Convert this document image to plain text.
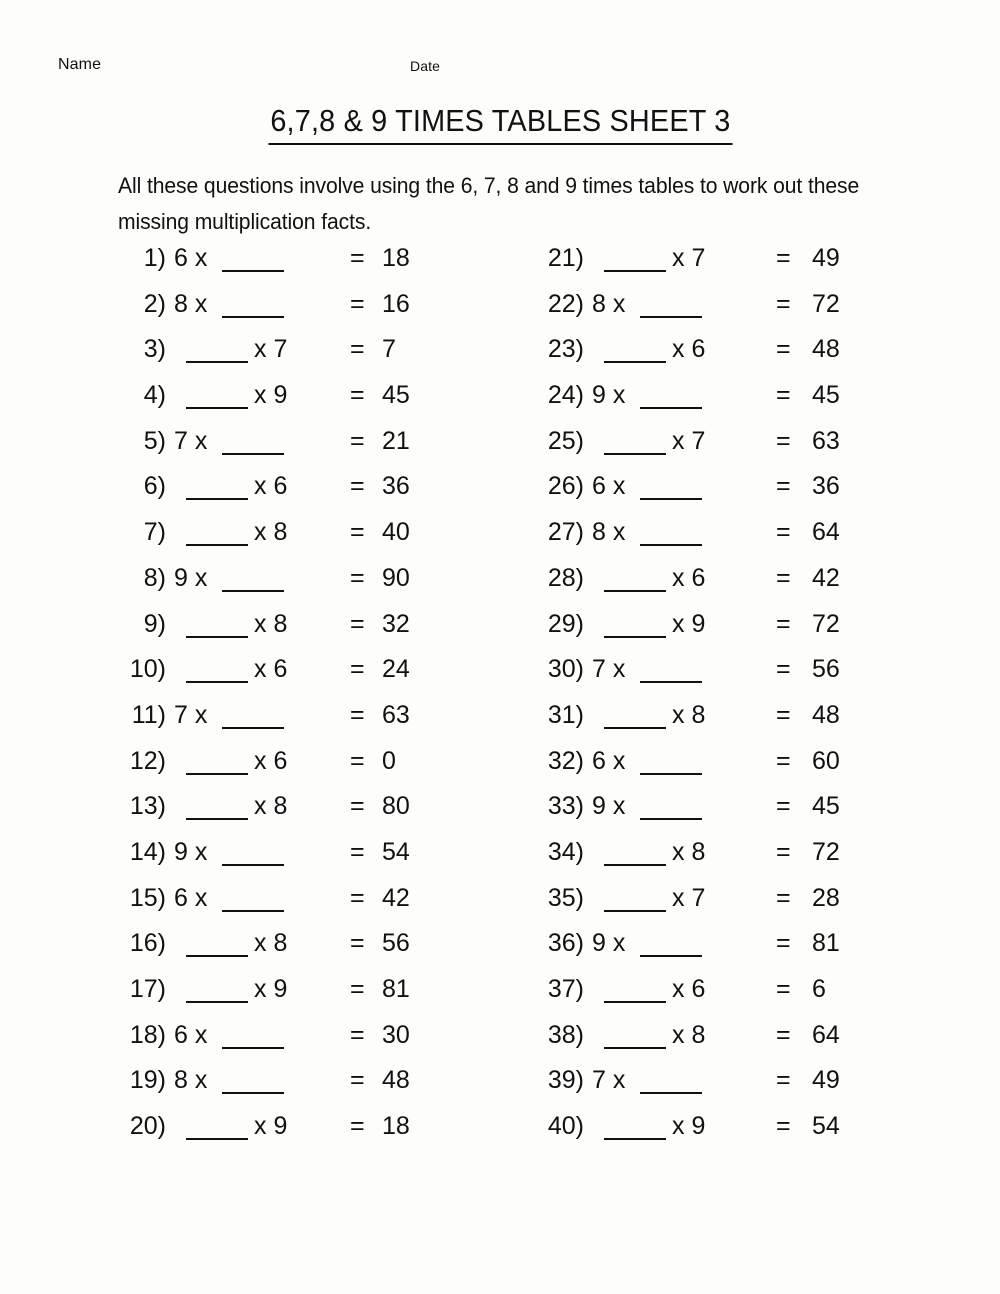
Name	Date
6,7,8 & 9 TIMES TABLES SHEET 3
All these questions involve using the 6, 7, 8 and 9 times tables to work out these missing multiplication facts.
1) 6 x	= 18
2) 8 x	= 16
3)	x 7	= 7
4)	x 9	= 45
5) 7 x	= 21
6)	x 6	= 36
7)	x 8	= 40
8) 9 x	= 90
9)	x 8	= 32
10)	x 6	= 24
11) 7 x	= 63
12)	x 6	= 0
13)	x 8	= 80
14) 9 x	= 54
15) 6 x	= 42
16)	x 8	= 56
17)	x 9	= 81
18) 6 x	= 30
19) 8 x	= 48
20)	x 9	= 18
21)	x 7	= 49
22) 8 x	= 72
23)	x 6	= 48
24) 9 x	= 45
25)	x 7	= 63
26) 6 x	= 36
27) 8 x	= 64
28)	x 6	= 42
29)	x 9	= 72
30) 7 x	= 56
31)	x 8	= 48
32) 6 x	= 60
33) 9 x	= 45
34)	x 8	= 72
35)	x 7	= 28
36) 9 x	= 81
37)	x 6	= 6
38)	x 8	= 64
39) 7 x	= 49
40)	x 9	= 54
